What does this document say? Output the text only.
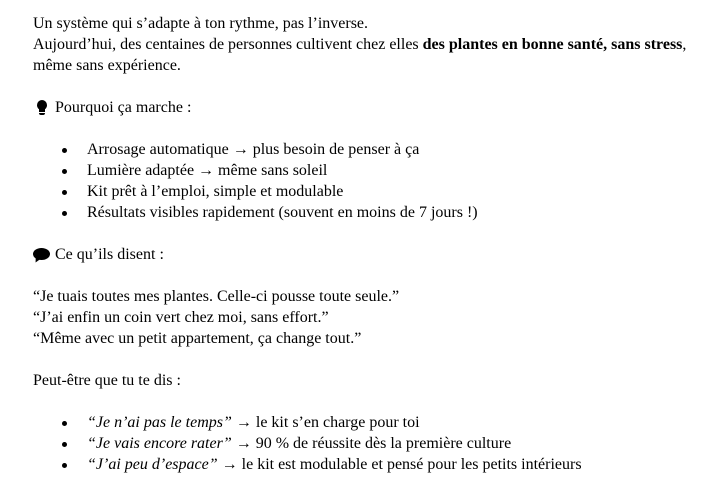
Un système qui s’adapte à ton rythme, pas l’inverse.

Aujourd’hui, des centaines de personnes cultivent chez elles des plantes en bonne santé, sans stress, même sans expérience.

Pourquoi ça marche :

Arrosage automatique → plus besoin de penser à ça
Lumière adaptée → même sans soleil
Kit prêt à l’emploi, simple et modulable
Résultats visibles rapidement (souvent en moins de 7 jours !)

Ce qu’ils disent :

“Je tuais toutes mes plantes. Celle-ci pousse toute seule.”

“J’ai enfin un coin vert chez moi, sans effort.”

“Même avec un petit appartement, ça change tout.”

Peut-être que tu te dis :

“Je n’ai pas le temps” → le kit s’en charge pour toi
“Je vais encore rater” → 90 % de réussite dès la première culture
“J’ai peu d’espace” → le kit est modulable et pensé pour les petits intérieurs
